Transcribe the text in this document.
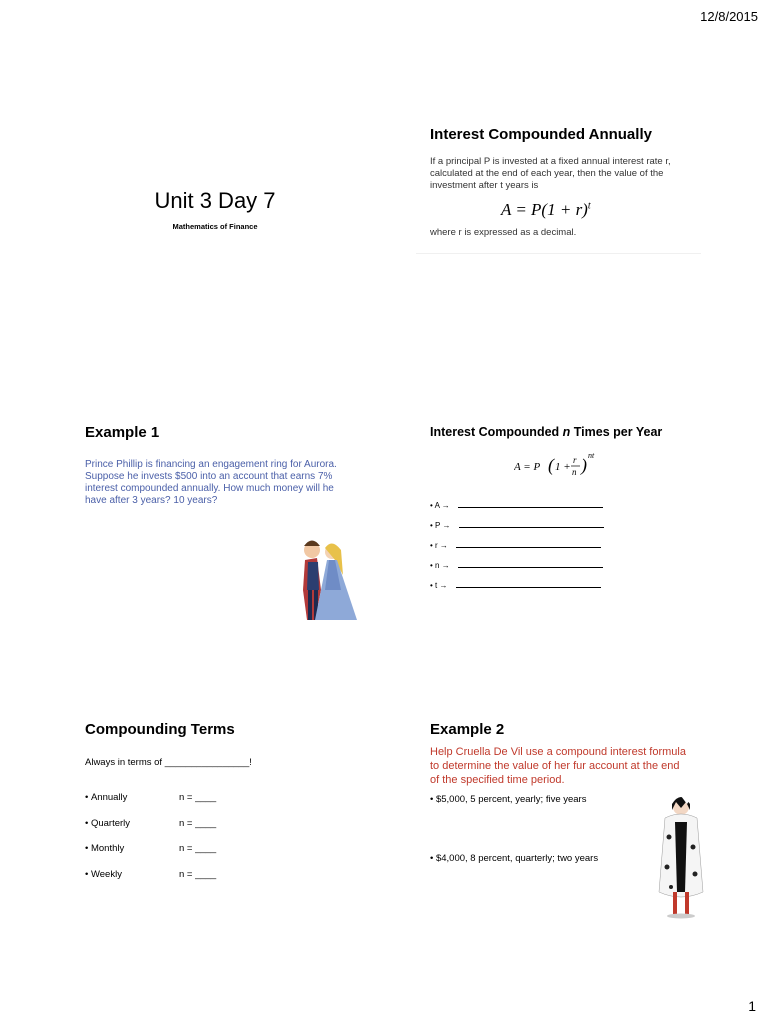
12/8/2015
Unit 3 Day 7
Mathematics of Finance
Interest Compounded Annually
If a principal P is invested at a fixed annual interest rate r, calculated at the end of each year, then the value of the investment after t years is
$A = P(1 + r)^t$
where r is expressed as a decimal.
Example 1
Prince Phillip is financing an engagement ring for Aurora. Suppose he invests $500 into an account that earns 7% interest compounded annually. How much money will he have after 3 years? 10 years?
Interest Compounded n Times per Year
A = P ( 1 +
r
n ) nt
• A →
• P →
• r →
• n →
• t →
Compounding Terms
Always in terms of ________________!
• Annually	n = ____
• Quarterly	n = ____
• Monthly	n = ____
• Weekly	n = ____
Example 2
Help Cruella De Vil use a compound interest formula to determine the value of her fur account at the end of the specified time period.
• $5,000, 5 percent, yearly; five years
• $4,000, 8 percent, quarterly; two years
1
